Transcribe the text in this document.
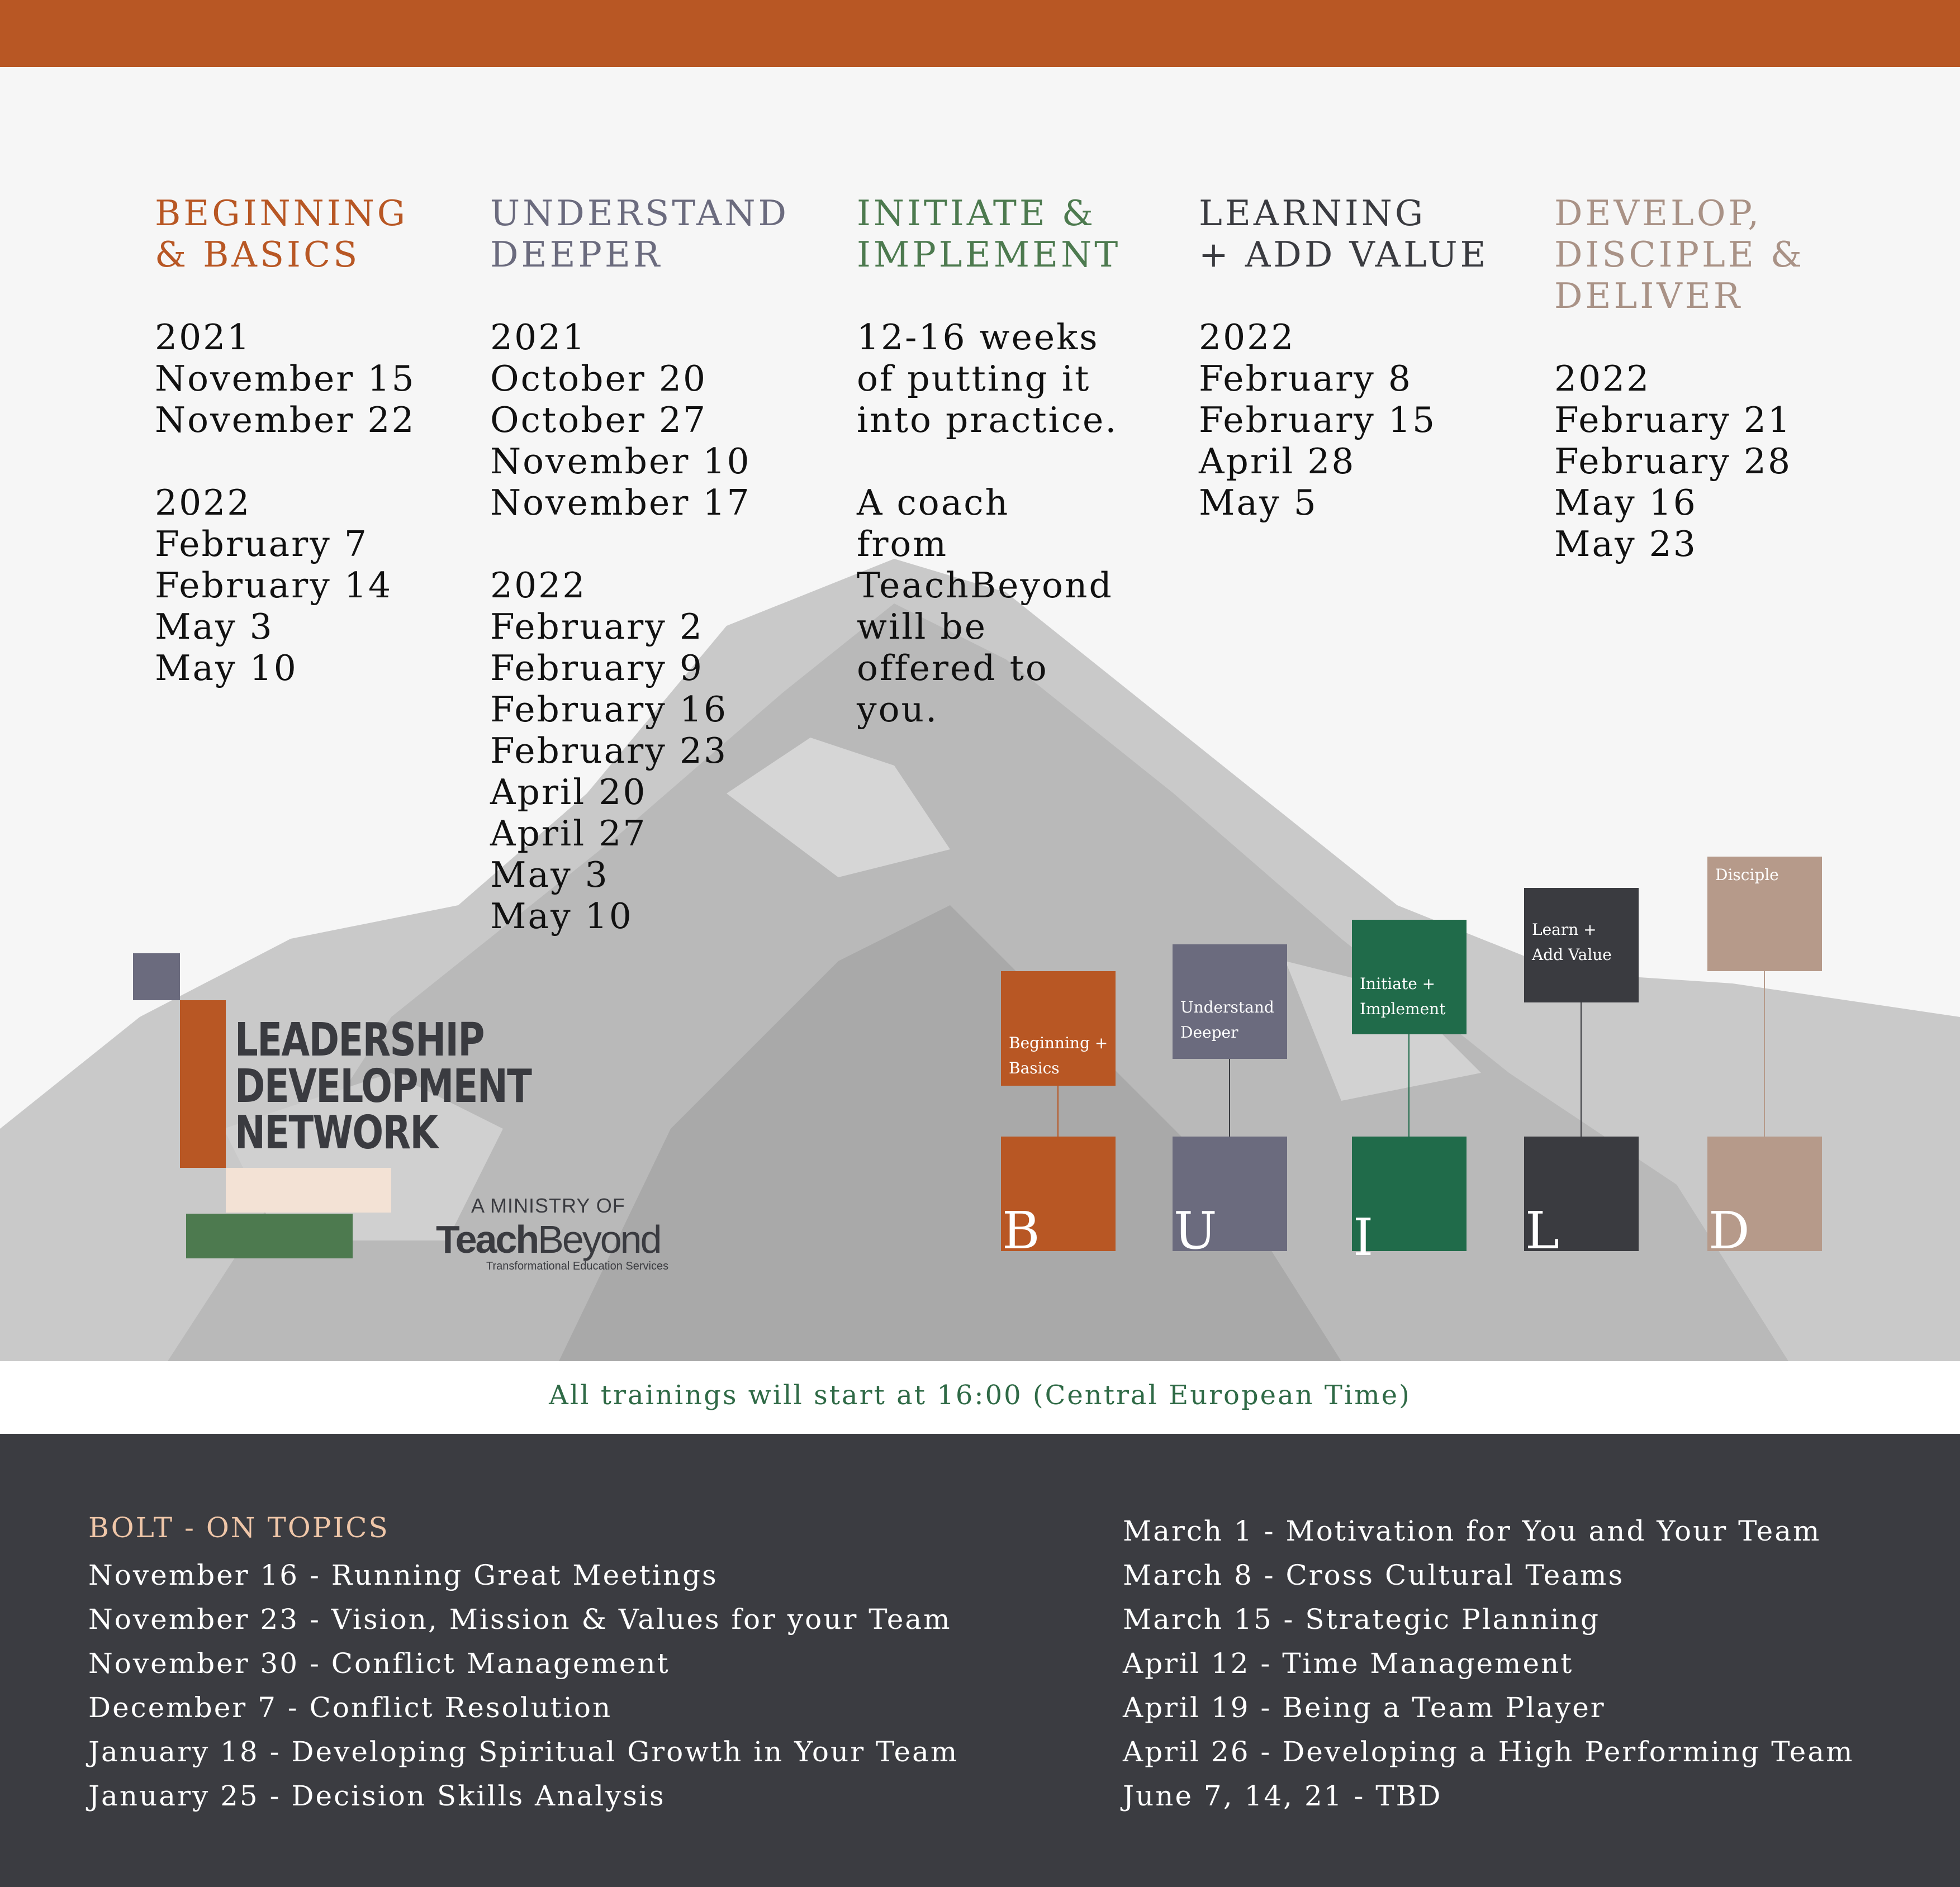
BEGINNING
& BASICS
2021
November 15
November 22
2022
February 7
February 14
May 3
May 10
UNDERSTAND
DEEPER
2021
October 20
October 27
November 10
November 17
2022
February 2
February 9
February 16
February 23
April 20
April 27
May 3
May 10
INITIATE &
IMPLEMENT
12-16 weeks
of putting it
into practice.
A coach
from
TeachBeyond
will be
offered to
you.
LEARNING
+ ADD VALUE
2022
February 8
February 15
April 28
May 5
DEVELOP,
DISCIPLE &
DELIVER
2022
February 21
February 28
May 16
May 23
LEADERSHIP
DEVELOPMENT
NETWORK
A MINISTRY OF
TeachBeyond
Transformational Education Services
Beginning +
Basics
B
Understand
Deeper
U
Initiate +
Implement
I
Learn +
Add Value
L
Disciple
D
All trainings will start at 16:00 (Central European Time)
BOLT - ON TOPICS
November 16 - Running Great Meetings
November 23 - Vision, Mission & Values for your Team
November 30 - Conflict Management
December 7 - Conflict Resolution
January 18 - Developing Spiritual Growth in Your Team
January 25 - Decision Skills Analysis
March 1 - Motivation for You and Your Team
March 8 - Cross Cultural Teams
March 15 - Strategic Planning
April 12 - Time Management
April 19 - Being a Team Player
April 26 - Developing a High Performing Team
June 7, 14, 21 - TBD
